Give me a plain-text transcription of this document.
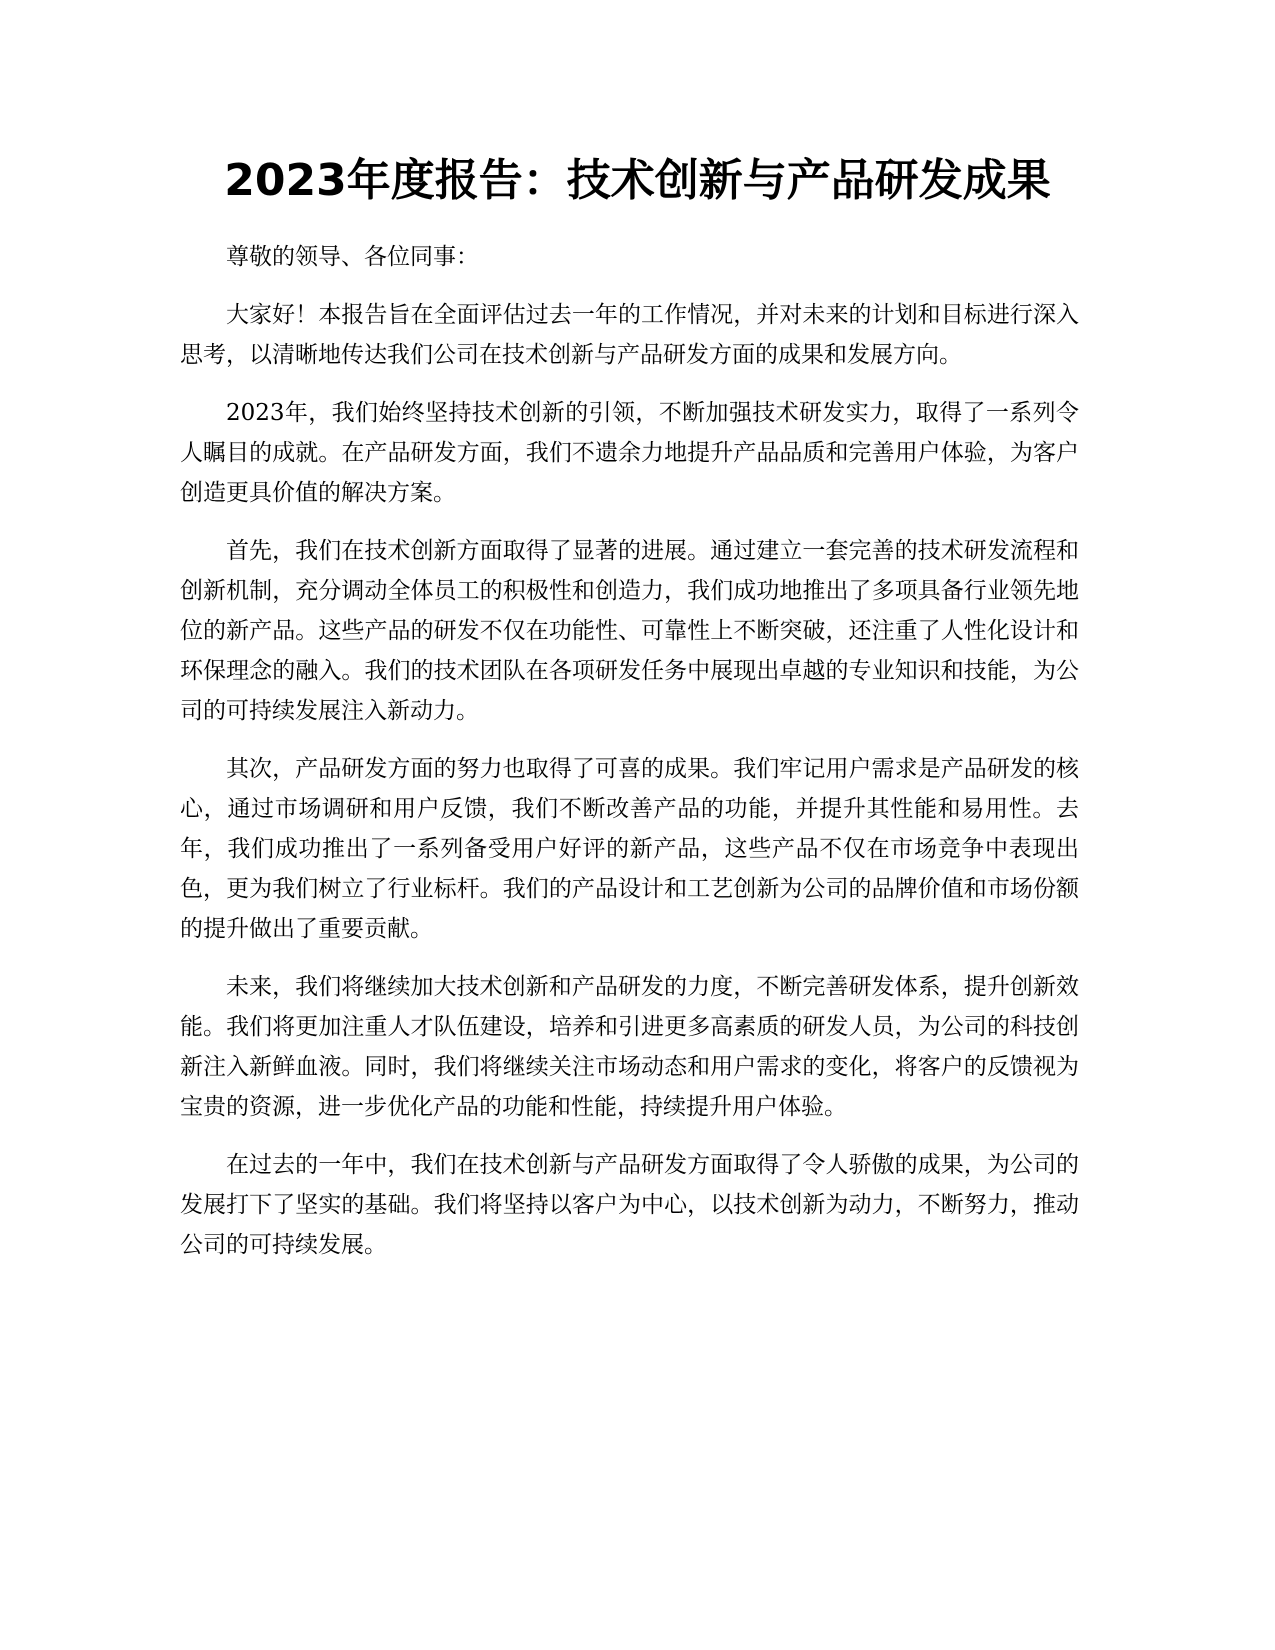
2023年度报告：技术创新与产品研发成果

尊敬的领导、各位同事：

大家好！本报告旨在全面评估过去一年的工作情况，并对未来的计划和目标进行深入思考，以清晰地传达我们公司在技术创新与产品研发方面的成果和发展方向。

2023年，我们始终坚持技术创新的引领，不断加强技术研发实力，取得了一系列令人瞩目的成就。在产品研发方面，我们不遗余力地提升产品品质和完善用户体验，为客户创造更具价值的解决方案。

首先，我们在技术创新方面取得了显著的进展。通过建立一套完善的技术研发流程和创新机制，充分调动全体员工的积极性和创造力，我们成功地推出了多项具备行业领先地位的新产品。这些产品的研发不仅在功能性、可靠性上不断突破，还注重了人性化设计和环保理念的融入。我们的技术团队在各项研发任务中展现出卓越的专业知识和技能，为公司的可持续发展注入新动力。

其次，产品研发方面的努力也取得了可喜的成果。我们牢记用户需求是产品研发的核心，通过市场调研和用户反馈，我们不断改善产品的功能，并提升其性能和易用性。去年，我们成功推出了一系列备受用户好评的新产品，这些产品不仅在市场竞争中表现出色，更为我们树立了行业标杆。我们的产品设计和工艺创新为公司的品牌价值和市场份额的提升做出了重要贡献。

未来，我们将继续加大技术创新和产品研发的力度，不断完善研发体系，提升创新效能。我们将更加注重人才队伍建设，培养和引进更多高素质的研发人员，为公司的科技创新注入新鲜血液。同时，我们将继续关注市场动态和用户需求的变化，将客户的反馈视为宝贵的资源，进一步优化产品的功能和性能，持续提升用户体验。

在过去的一年中，我们在技术创新与产品研发方面取得了令人骄傲的成果，为公司的发展打下了坚实的基础。我们将坚持以客户为中心，以技术创新为动力，不断努力，推动公司的可持续发展。
